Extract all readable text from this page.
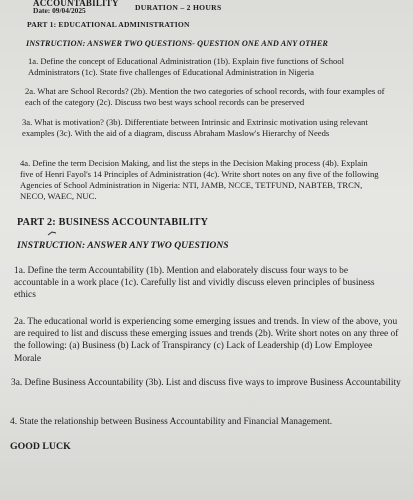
ACCOUNTABILITY
Date: 09/04/2025	DURATION – 2 HOURS
PART 1: EDUCATIONAL ADMINISTRATION
INSTRUCTION: ANSWER TWO QUESTIONS- QUESTION ONE AND ANY OTHER
1a. Define the concept of Educational Administration (1b). Explain five functions of School Administrators (1c). State five challenges of Educational Administration in Nigeria
2a. What are School Records? (2b). Mention the two categories of school records, with four examples of each of the category (2c). Discuss two best ways school records can be preserved
3a. What is motivation? (3b). Differentiate between Intrinsic and Extrinsic motivation using relevant examples (3c). With the aid of a diagram, discuss Abraham Maslow's Hierarchy of Needs
4a. Define the term Decision Making, and list the steps in the Decision Making process (4b). Explain five of Henri Fayol's 14 Principles of Administration (4c). Write short notes on any five of the following Agencies of School Administration in Nigeria: NTI, JAMB, NCCE, TETFUND, NABTEB, TRCN, NECO, WAEC, NUC.
PART 2: BUSINESS ACCOUNTABILITY
INSTRUCTION: ANSWER ANY TWO QUESTIONS
1a. Define the term Accountability (1b). Mention and elaborately discuss four ways to be accountable in a work place (1c). Carefully list and vividly discuss eleven principles of business ethics
2a. The educational world is experiencing some emerging issues and trends. In view of the above, you are required to list and discuss these emerging issues and trends (2b). Write short notes on any three of the following: (a) Business (b) Lack of Transpirancy (c) Lack of Leadership (d) Low Employee Morale
3a. Define Business Accountability (3b). List and discuss five ways to improve Business Accountability
4. State the relationship between Business Accountability and Financial Management.
GOOD LUCK
